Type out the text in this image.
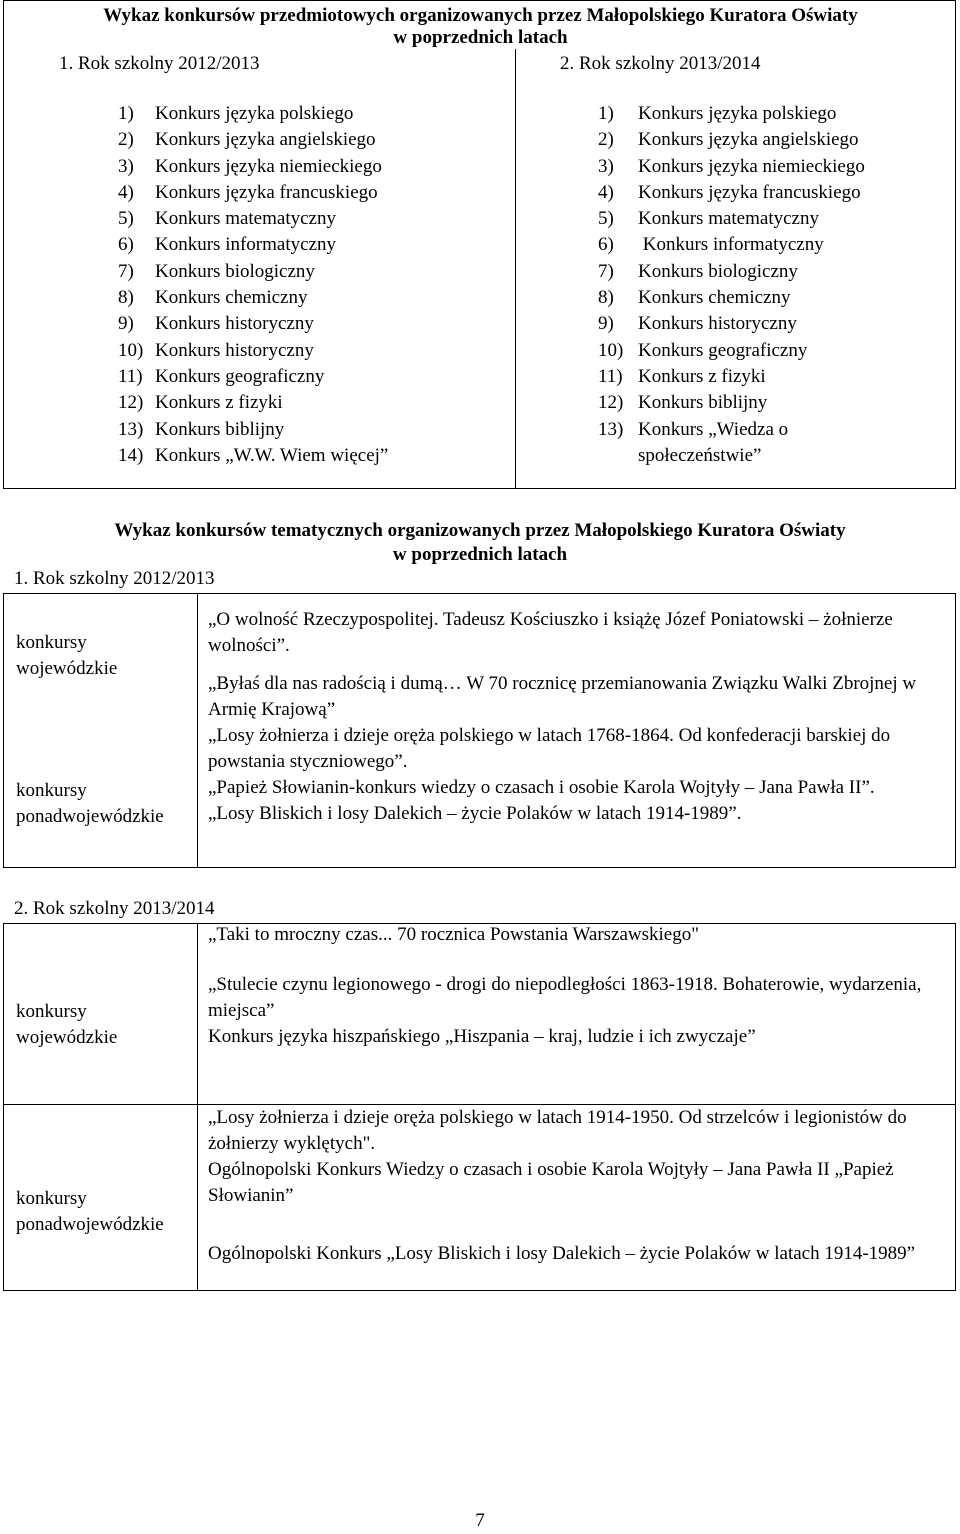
Wykaz konkursów przedmiotowych organizowanych przez Małopolskiego Kuratora Oświaty
w poprzednich latach
1. Rok szkolny 2012/2013	2. Rok szkolny 2013/2014
1) Konkurs języka polskiego
2) Konkurs języka angielskiego
3) Konkurs języka niemieckiego
4) Konkurs języka francuskiego
5) Konkurs matematyczny
6) Konkurs informatyczny
7) Konkurs biologiczny
8) Konkurs chemiczny
9) Konkurs historyczny
10) Konkurs historyczny
11) Konkurs geograficzny
12) Konkurs z fizyki
13) Konkurs biblijny
14) Konkurs „W.W. Wiem więcej”
1) Konkurs języka polskiego
2) Konkurs języka angielskiego
3) Konkurs języka niemieckiego
4) Konkurs języka francuskiego
5) Konkurs matematyczny
6) Konkurs informatyczny
7) Konkurs biologiczny
8) Konkurs chemiczny
9) Konkurs historyczny
10) Konkurs geograficzny
11) Konkurs z fizyki
12) Konkurs biblijny
13) Konkurs „Wiedza o
społeczeństwie”
Wykaz konkursów tematycznych organizowanych przez Małopolskiego Kuratora Oświaty
w poprzednich latach
1. Rok szkolny 2012/2013
konkursy
wojewódzkie
konkursy
ponadwojewódzkie

„O wolność Rzeczypospolitej. Tadeusz Kościuszko i książę Józef Poniatowski – żołnierze wolności”.

„Byłaś dla nas radością i dumą… W 70 rocznicę przemianowania Związku Walki Zbrojnej w Armię Krajową”

„Losy żołnierza i dzieje oręża polskiego w latach 1768-1864. Od konfederacji barskiej do powstania styczniowego”.

„Papież Słowianin-konkurs wiedzy o czasach i osobie Karola Wojtyły – Jana Pawła II”.

„Losy Bliskich i losy Dalekich – życie Polaków w latach 1914-1989”.

2. Rok szkolny 2013/2014
konkursy
wojewódzkie
konkursy
ponadwojewódzkie

„Taki to mroczny czas... 70 rocznica Powstania Warszawskiego"

„Stulecie czynu legionowego - drogi do niepodległości 1863-1918. Bohaterowie, wydarzenia, miejsca”

Konkurs języka hiszpańskiego „Hiszpania – kraj, ludzie i ich zwyczaje”

„Losy żołnierza i dzieje oręża polskiego w latach 1914-1950. Od strzelców i legionistów do żołnierzy wyklętych".

Ogólnopolski Konkurs Wiedzy o czasach i osobie Karola Wojtyły – Jana Pawła II „Papież Słowianin”

Ogólnopolski Konkurs „Losy Bliskich i losy Dalekich – życie Polaków w latach 1914-1989”

7
